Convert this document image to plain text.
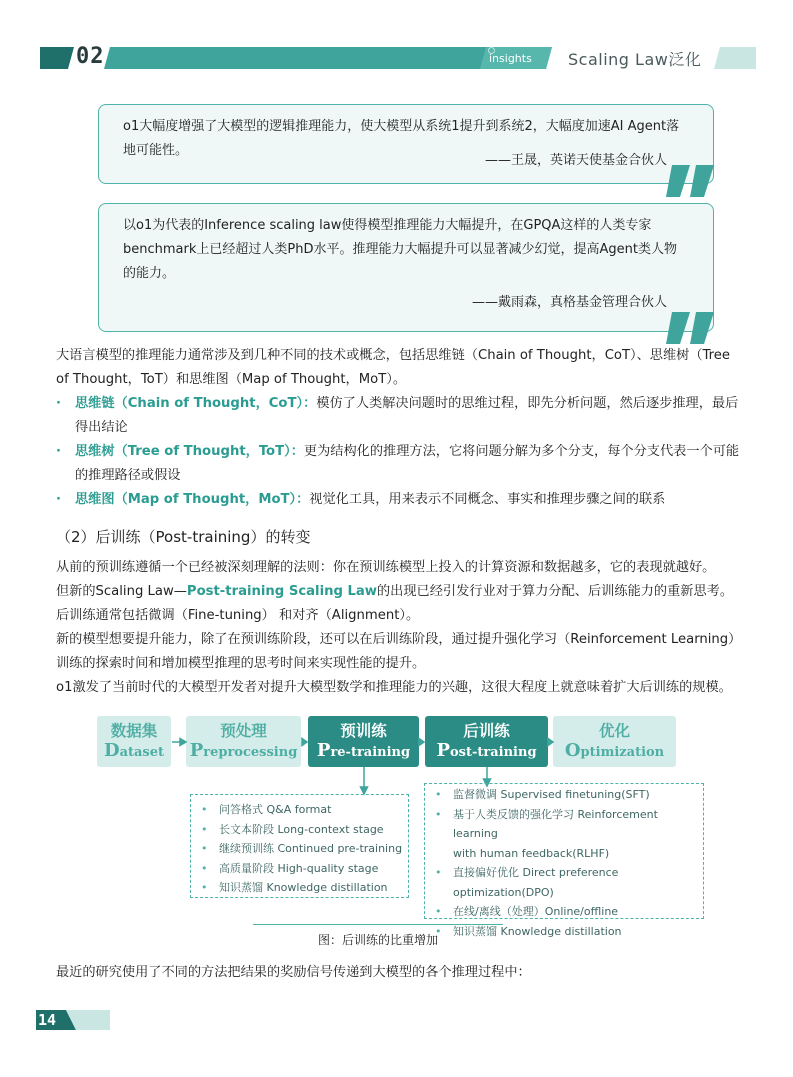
02	insights Scaling Law泛化
o1大幅度增强了大模型的逻辑推理能力，使大模型从系统1提升到系统2，大幅度加速AI Agent落地可能性。
——王晟，英诺天使基金合伙人
以o1为代表的Inference scaling law使得模型推理能力大幅提升，在GPQA这样的人类专家benchmark上已经超过人类PhD水平。推理能力大幅提升可以显著减少幻觉，提高Agent类人物的能力。
——戴雨森，真格基金管理合伙人
大语言模型的推理能力通常涉及到几种不同的技术或概念，包括思维链（Chain of Thought，CoT）、思维树（Tree of Thought，ToT）和思维图（Map of Thought，MoT）。
· 思维链（Chain of Thought，CoT）：模仿了人类解决问题时的思维过程，即先分析问题，然后逐步推理，最后得出结论
· 思维树（Tree of Thought，ToT）：更为结构化的推理方法，它将问题分解为多个分支，每个分支代表一个可能的推理路径或假设
· 思维图（Map of Thought，MoT）：视觉化工具，用来表示不同概念、事实和推理步骤之间的联系
（2）后训练（Post-training）的转变
从前的预训练遵循一个已经被深刻理解的法则：你在预训练模型上投入的计算资源和数据越多，它的表现就越好。
但新的Scaling Law—Post-training Scaling Law的出现已经引发行业对于算力分配、后训练能力的重新思考。
后训练通常包括微调（Fine-tuning） 和对齐（Alignment）。
新的模型想要提升能力，除了在预训练阶段，还可以在后训练阶段，通过提升强化学习（Reinforcement Learning）训练的探索时间和增加模型推理的思考时间来实现性能的提升。
o1激发了当前时代的大模型开发者对提升大模型数学和推理能力的兴趣，这很大程度上就意味着扩大后训练的规模。
数据集
Dataset
预处理
Preprocessing
预训练
Pre-training
后训练
Post-training
优化
Optimization
• 问答格式 Q&A format
• 长文本阶段 Long-context stage
• 继续预训练 Continued pre-training
• 高质量阶段 High-quality stage
• 知识蒸馏 Knowledge distillation
• 监督微调 Supervised finetuning(SFT)
• 基于人类反馈的强化学习 Reinforcement learning
with human feedback(RLHF)
• 直接偏好优化 Direct preference
optimization(DPO)
• 在线/离线（处理）Online/offline
• 知识蒸馏 Knowledge distillation
图：后训练的比重增加
最近的研究使用了不同的方法把结果的奖励信号传递到大模型的各个推理过程中：
14
